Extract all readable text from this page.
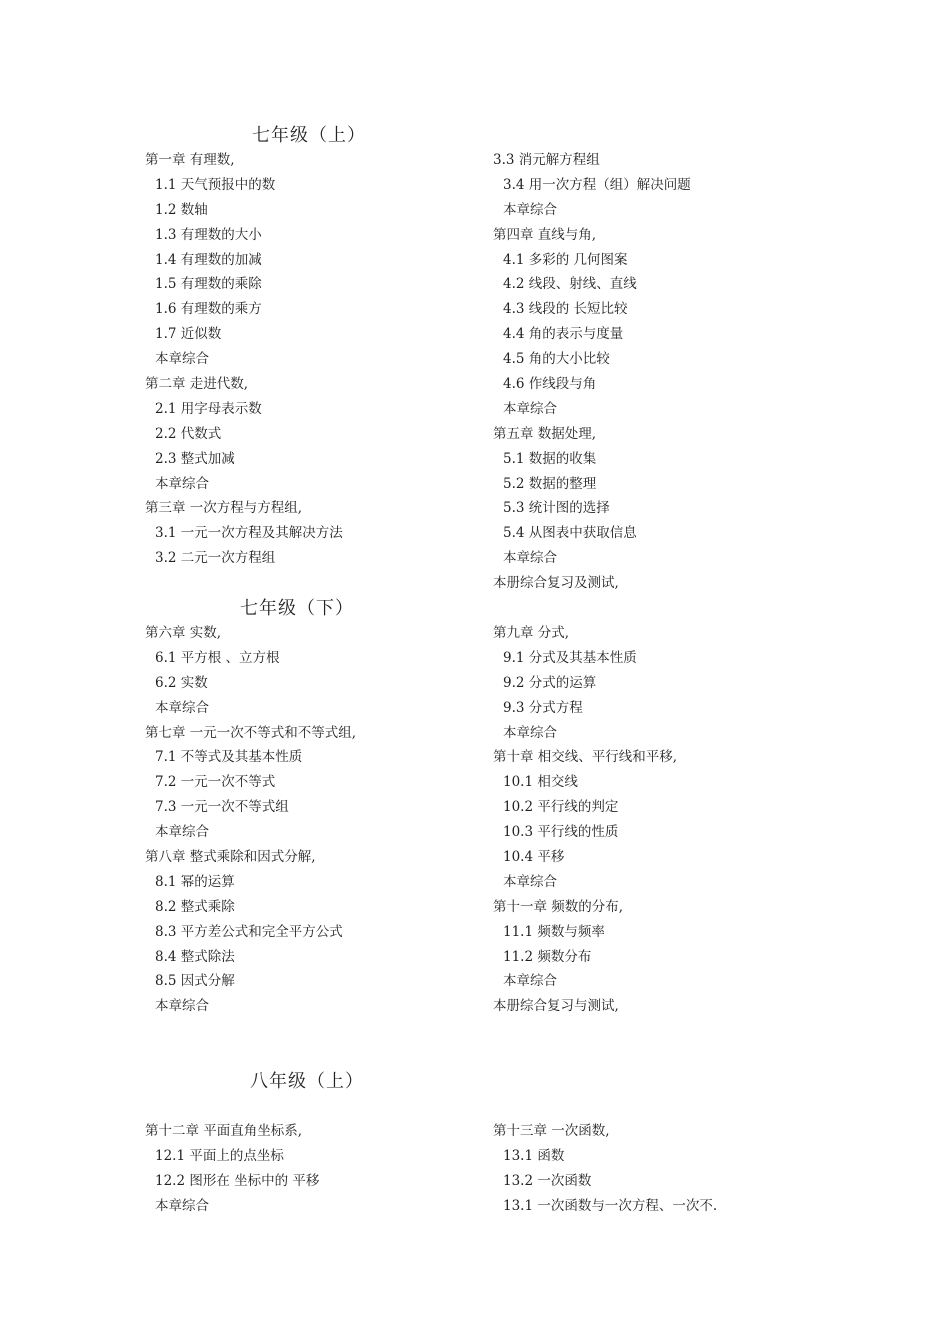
七年级（上）
第一章 有理数,
1.1 天气预报中的数
1.2 数轴
1.3 有理数的大小
1.4 有理数的加减
1.5 有理数的乘除
1.6 有理数的乘方
1.7 近似数
本章综合
第二章 走进代数,
2.1 用字母表示数
2.2 代数式
2.3 整式加减
本章综合
第三章 一次方程与方程组,
3.1 一元一次方程及其解决方法
3.2 二元一次方程组
3.3 消元解方程组
3.4 用一次方程（组）解决问题
本章综合
第四章 直线与角,
4.1 多彩的 几何图案
4.2 线段、射线、直线
4.3 线段的 长短比较
4.4 角的表示与度量
4.5 角的大小比较
4.6 作线段与角
本章综合
第五章 数据处理,
5.1 数据的收集
5.2 数据的整理
5.3 统计图的选择
5.4 从图表中获取信息
本章综合
本册综合复习及测试,
七年级（下）
第六章 实数,
6.1 平方根 、立方根
6.2 实数
本章综合
第七章 一元一次不等式和不等式组,
7.1 不等式及其基本性质
7.2 一元一次不等式
7.3 一元一次不等式组
本章综合
第八章 整式乘除和因式分解,
8.1 幂的运算
8.2 整式乘除
8.3 平方差公式和完全平方公式
8.4 整式除法
8.5 因式分解
本章综合
第九章 分式,
9.1 分式及其基本性质
9.2 分式的运算
9.3 分式方程
本章综合
第十章 相交线、平行线和平移,
10.1 相交线
10.2 平行线的判定
10.3 平行线的性质
10.4 平移
本章综合
第十一章 频数的分布,
11.1 频数与频率
11.2 频数分布
本章综合
本册综合复习与测试,
八年级（上）
第十二章 平面直角坐标系,
12.1 平面上的点坐标
12.2 图形在 坐标中的 平移
本章综合
第十三章 一次函数,
13.1 函数
13.2 一次函数
13.1 一次函数与一次方程、一次不.
